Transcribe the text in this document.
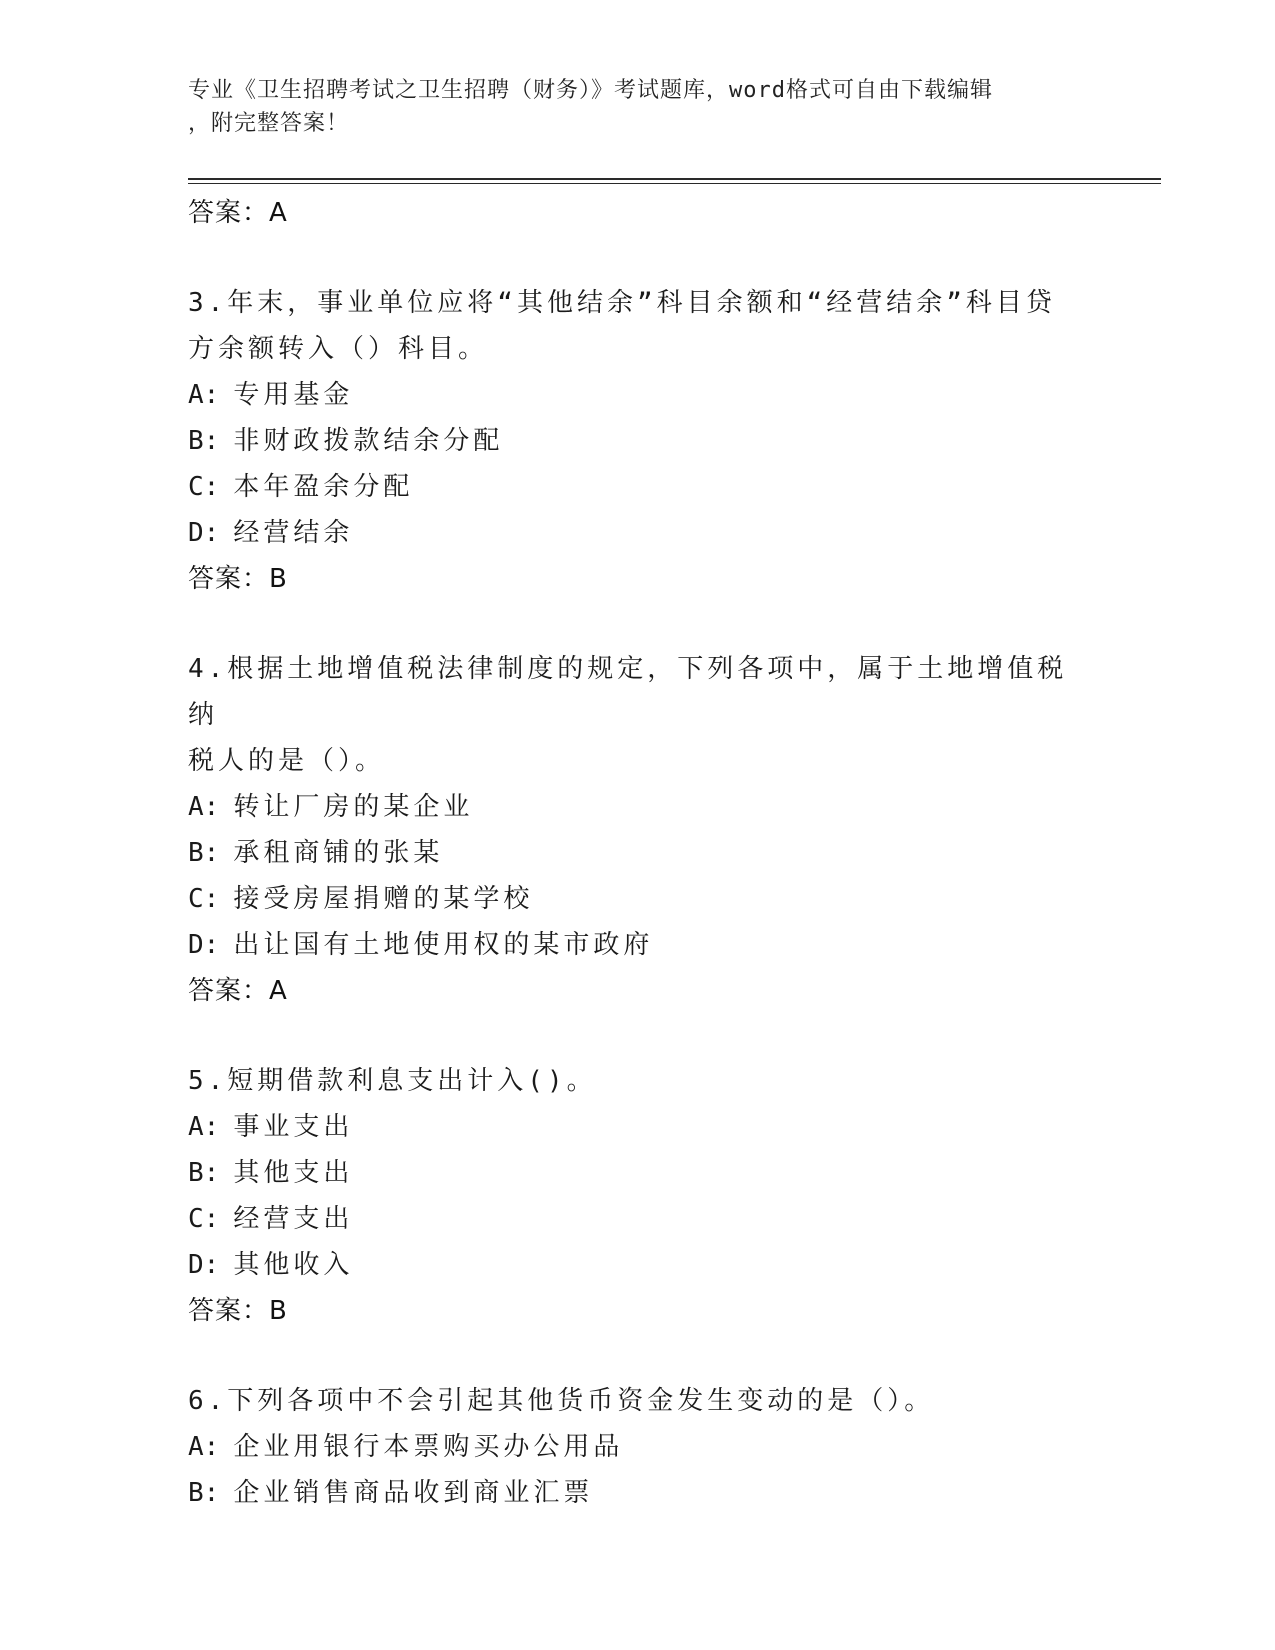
专业《卫生招聘考试之卫生招聘（财务）》考试题库，word格式可自由下载编辑
，附完整答案！
答案：A
3.年末，事业单位应将“其他结余”科目余额和“经营结余”科目贷
方余额转入（）科目。
A: 专用基金
B: 非财政拨款结余分配
C: 本年盈余分配
D: 经营结余
答案：B
4.根据土地增值税法律制度的规定，下列各项中，属于土地增值税纳
税人的是（）。
A: 转让厂房的某企业
B: 承租商铺的张某
C: 接受房屋捐赠的某学校
D: 出让国有土地使用权的某市政府
答案：A
5.短期借款利息支出计入()。
A: 事业支出
B: 其他支出
C: 经营支出
D: 其他收入
答案：B
6.下列各项中不会引起其他货币资金发生变动的是（）。
A: 企业用银行本票购买办公用品
B: 企业销售商品收到商业汇票
